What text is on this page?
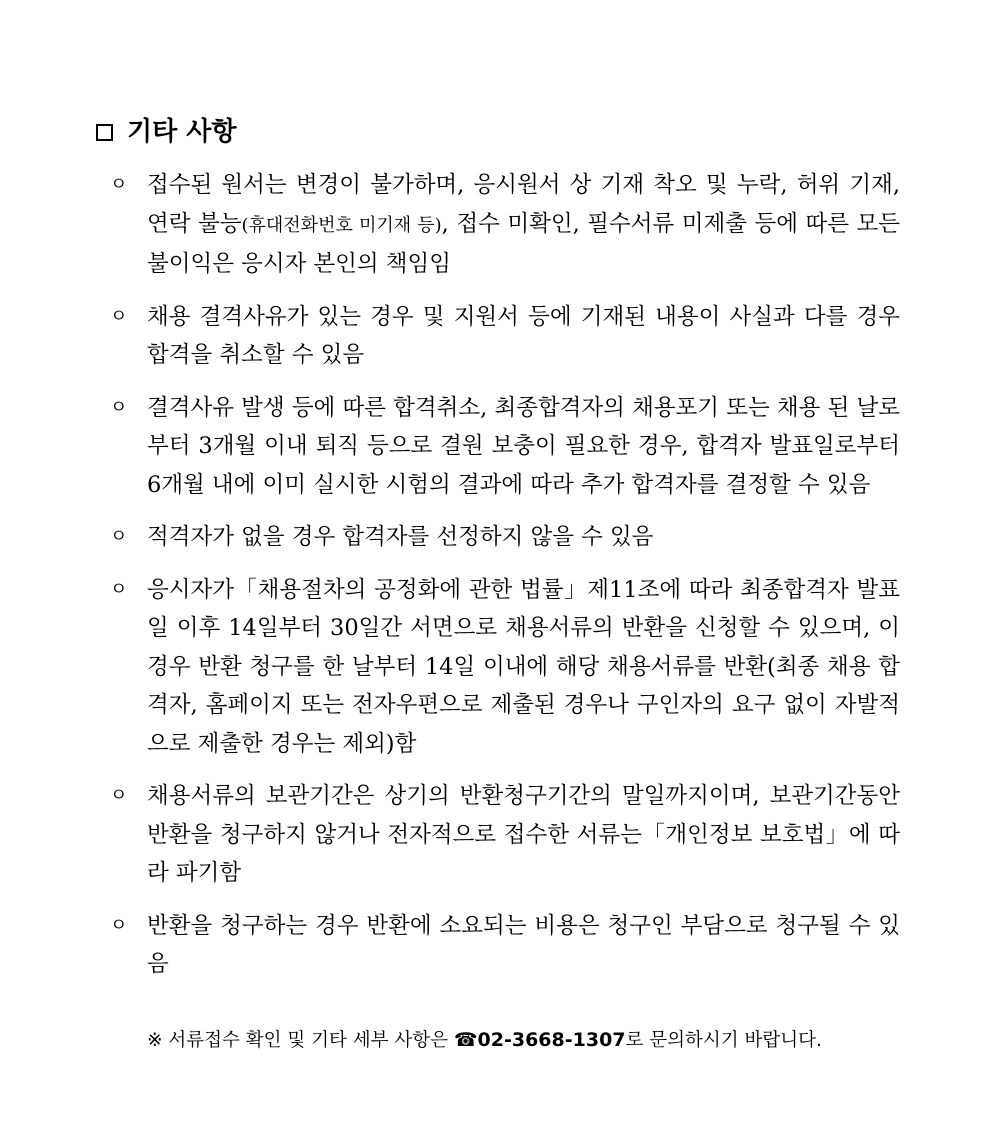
기타 사항
ㅇ 접수된 원서는 변경이 불가하며, 응시원서 상 기재 착오 및 누락, 허위 기재, 연락 불능(휴대전화번호 미기재 등), 접수 미확인, 필수서류 미제출 등에 따른 모든 불이익은 응시자 본인의 책임임
ㅇ 채용 결격사유가 있는 경우 및 지원서 등에 기재된 내용이 사실과 다를 경우 합격을 취소할 수 있음
ㅇ 결격사유 발생 등에 따른 합격취소, 최종합격자의 채용포기 또는 채용 된 날로부터 3개월 이내 퇴직 등으로 결원 보충이 필요한 경우, 합격자 발표일로부터 6개월 내에 이미 실시한 시험의 결과에 따라 추가 합격자를 결정할 수 있음
ㅇ 적격자가 없을 경우 합격자를 선정하지 않을 수 있음
ㅇ 응시자가「채용절차의 공정화에 관한 법률」제11조에 따라 최종합격자 발표일 이후 14일부터 30일간 서면으로 채용서류의 반환을 신청할 수 있으며, 이 경우 반환 청구를 한 날부터 14일 이내에 해당 채용서류를 반환(최종 채용 합격자, 홈페이지 또는 전자우편으로 제출된 경우나 구인자의 요구 없이 자발적으로 제출한 경우는 제외)함
ㅇ 채용서류의 보관기간은 상기의 반환청구기간의 말일까지이며, 보관기간동안 반환을 청구하지 않거나 전자적으로 접수한 서류는「개인정보 보호법」에 따라 파기함
ㅇ 반환을 청구하는 경우 반환에 소요되는 비용은 청구인 부담으로 청구될 수 있음
※ 서류접수 확인 및 기타 세부 사항은 ☎02-3668-1307로 문의하시기 바랍니다.
